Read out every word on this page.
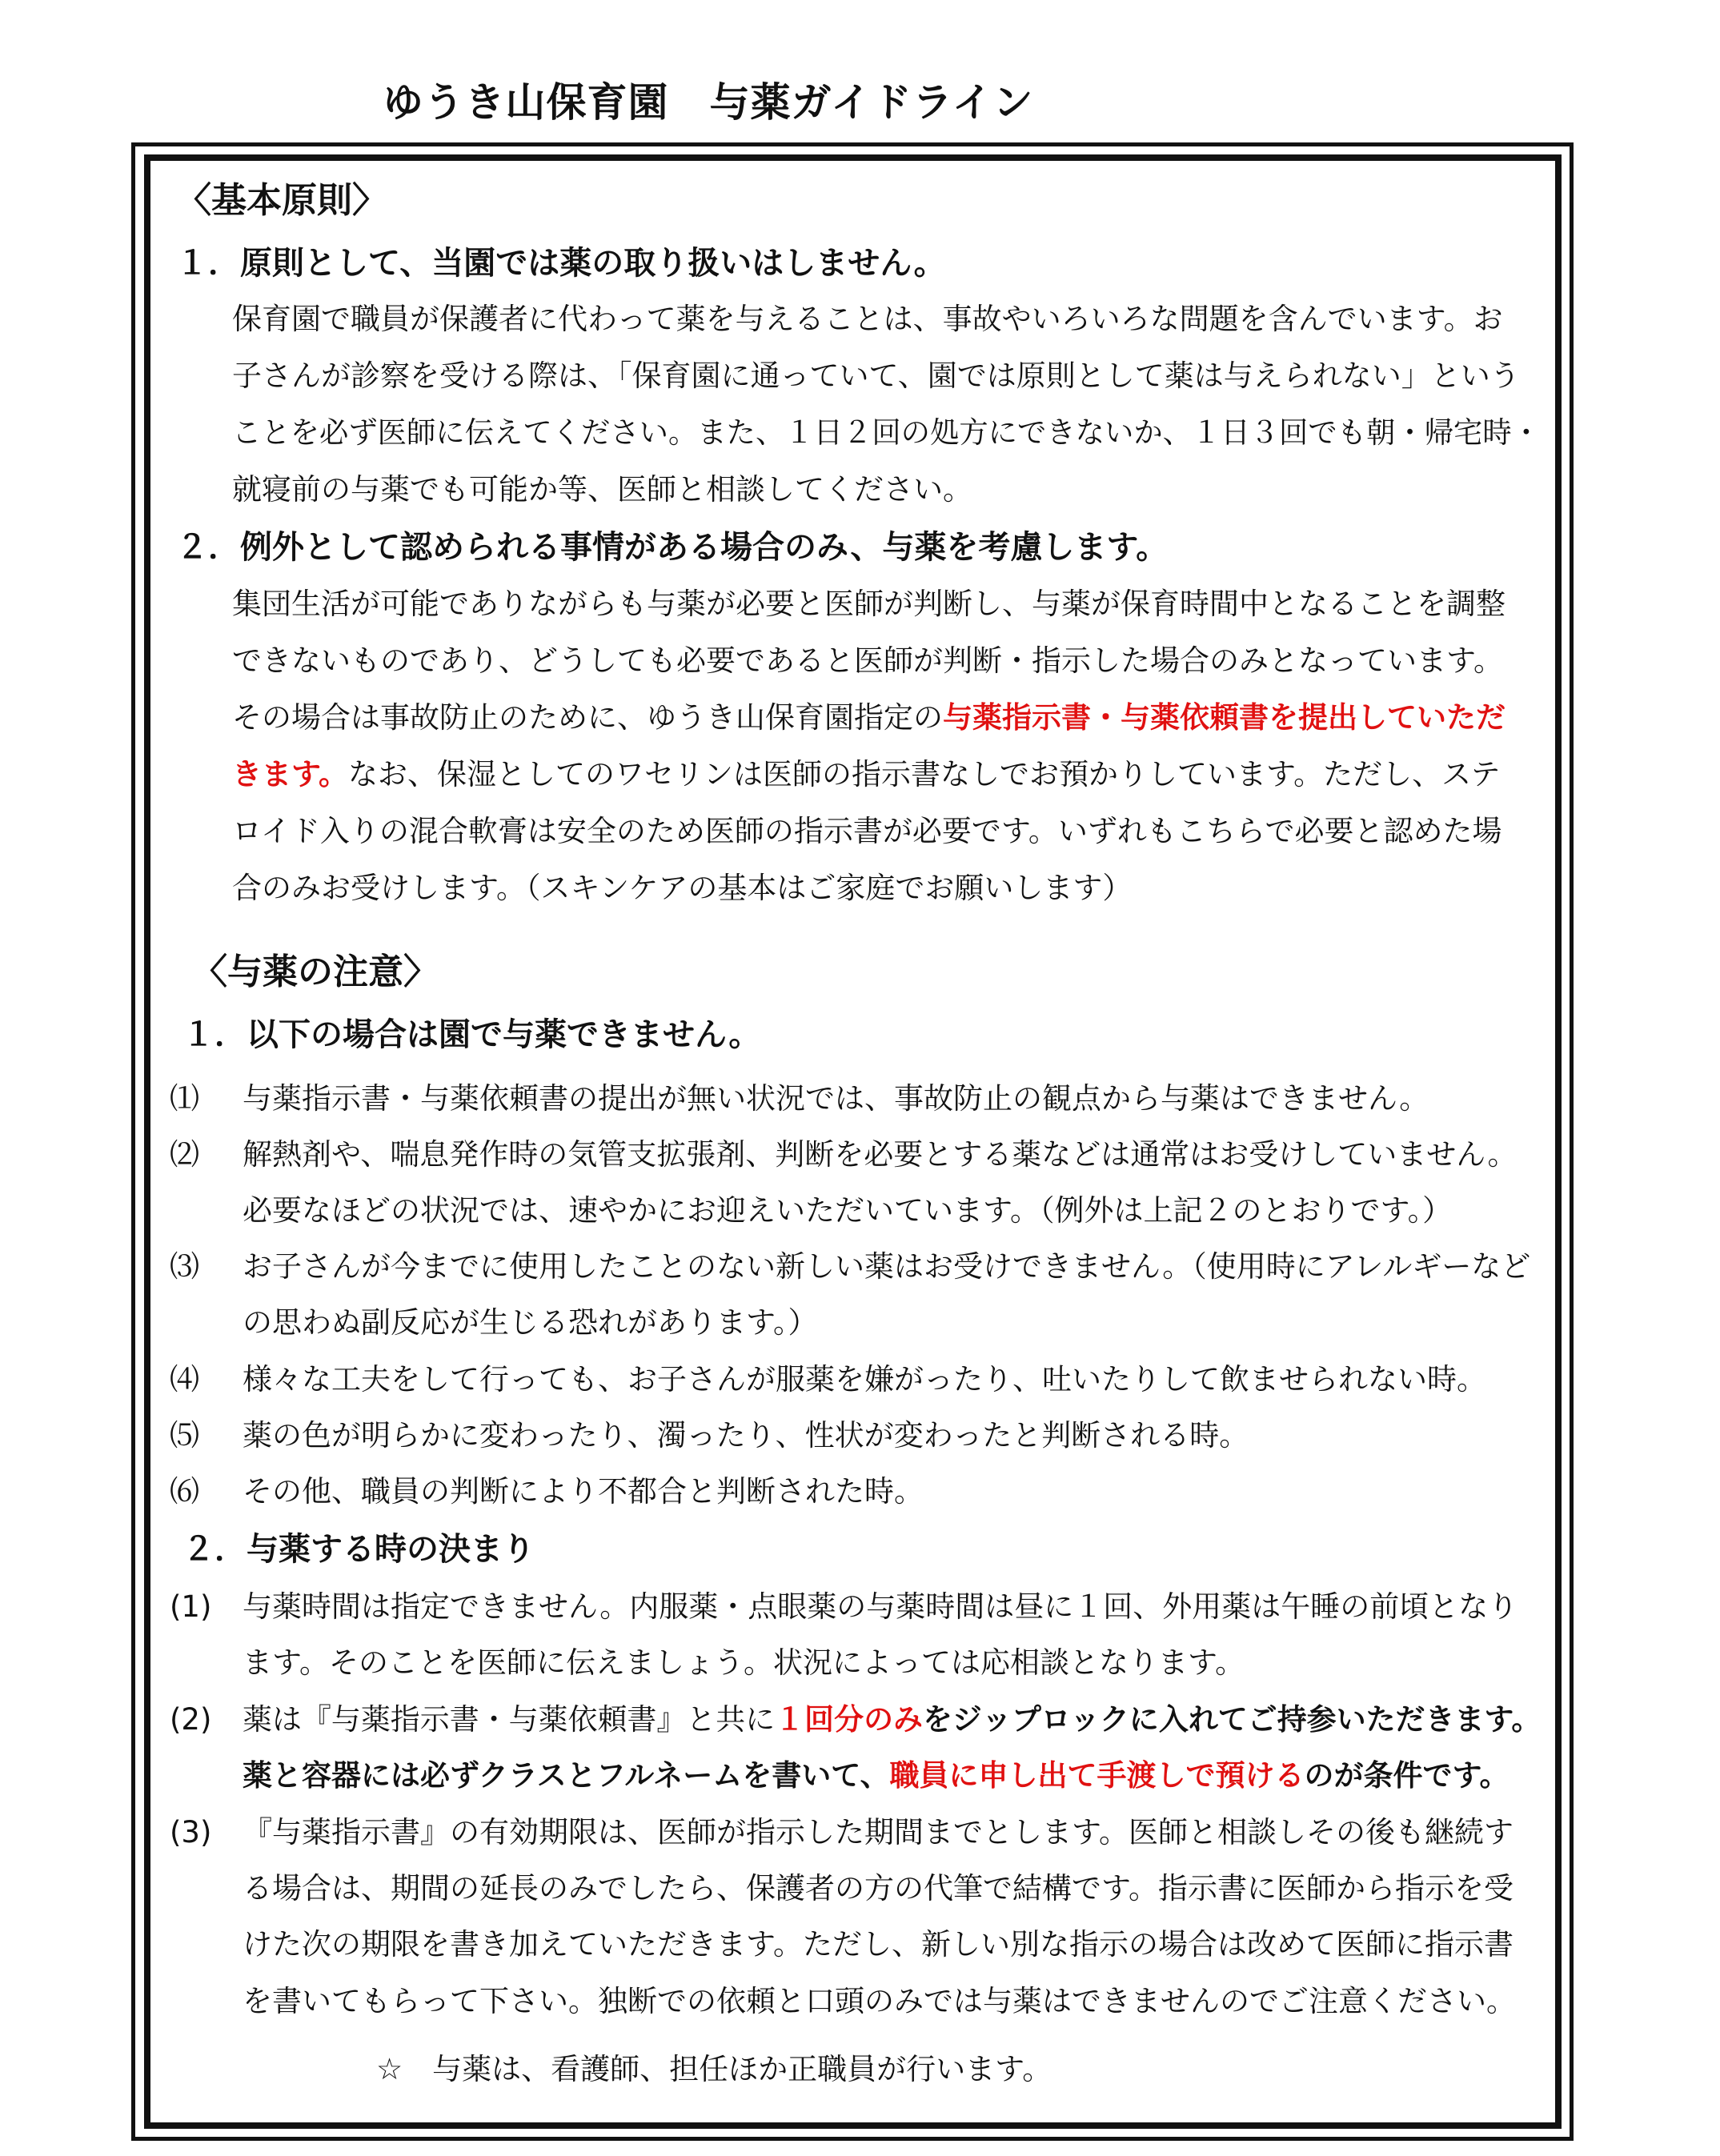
ゆうき山保育園　与薬ガイドライン
〈基本原則〉
１．原則として、当園では薬の取り扱いはしません。
保育園で職員が保護者に代わって薬を与えることは、事故やいろいろな問題を含んでいます。お
子さんが診察を受ける際は、「保育園に通っていて、園では原則として薬は与えられない」という
ことを必ず医師に伝えてください。また、１日２回の処方にできないか、１日３回でも朝・帰宅時・
就寝前の与薬でも可能か等、医師と相談してください。
２．例外として認められる事情がある場合のみ、与薬を考慮します。
集団生活が可能でありながらも与薬が必要と医師が判断し、与薬が保育時間中となることを調整
できないものであり、どうしても必要であると医師が判断・指示した場合のみとなっています。
その場合は事故防止のために、ゆうき山保育園指定の与薬指示書・与薬依頼書を提出していただ
きます。なお、保湿としてのワセリンは医師の指示書なしでお預かりしています。ただし、ステ
ロイド入りの混合軟膏は安全のため医師の指示書が必要です。いずれもこちらで必要と認めた場
合のみお受けします。（スキンケアの基本はご家庭でお願いします）
〈与薬の注意〉
１．以下の場合は園で与薬できません。
⑴ 与薬指示書・与薬依頼書の提出が無い状況では、事故防止の観点から与薬はできません。
⑵ 解熱剤や、喘息発作時の気管支拡張剤、判断を必要とする薬などは通常はお受けしていません。
必要なほどの状況では、速やかにお迎えいただいています。（例外は上記２のとおりです。）
⑶ お子さんが今までに使用したことのない新しい薬はお受けできません。（使用時にアレルギーなど
の思わぬ副反応が生じる恐れがあります。）
⑷ 様々な工夫をして行っても、お子さんが服薬を嫌がったり、吐いたりして飲ませられない時。
⑸ 薬の色が明らかに変わったり、濁ったり、性状が変わったと判断される時。
⑹ その他、職員の判断により不都合と判断された時。
２．与薬する時の決まり
(1) 与薬時間は指定できません。内服薬・点眼薬の与薬時間は昼に１回、外用薬は午睡の前頃となり
ます。そのことを医師に伝えましょう。状況によっては応相談となります。
(2) 薬は『与薬指示書・与薬依頼書』と共に１回分のみをジップロックに入れてご持参いただきます。
薬と容器には必ずクラスとフルネームを書いて、職員に申し出て手渡しで預けるのが条件です。
(3) 『与薬指示書』の有効期限は、医師が指示した期間までとします。医師と相談しその後も継続す
る場合は、期間の延長のみでしたら、保護者の方の代筆で結構です。指示書に医師から指示を受
けた次の期限を書き加えていただきます。ただし、新しい別な指示の場合は改めて医師に指示書
を書いてもらって下さい。独断での依頼と口頭のみでは与薬はできませんのでご注意ください。
☆　与薬は、看護師、担任ほか正職員が行います。
